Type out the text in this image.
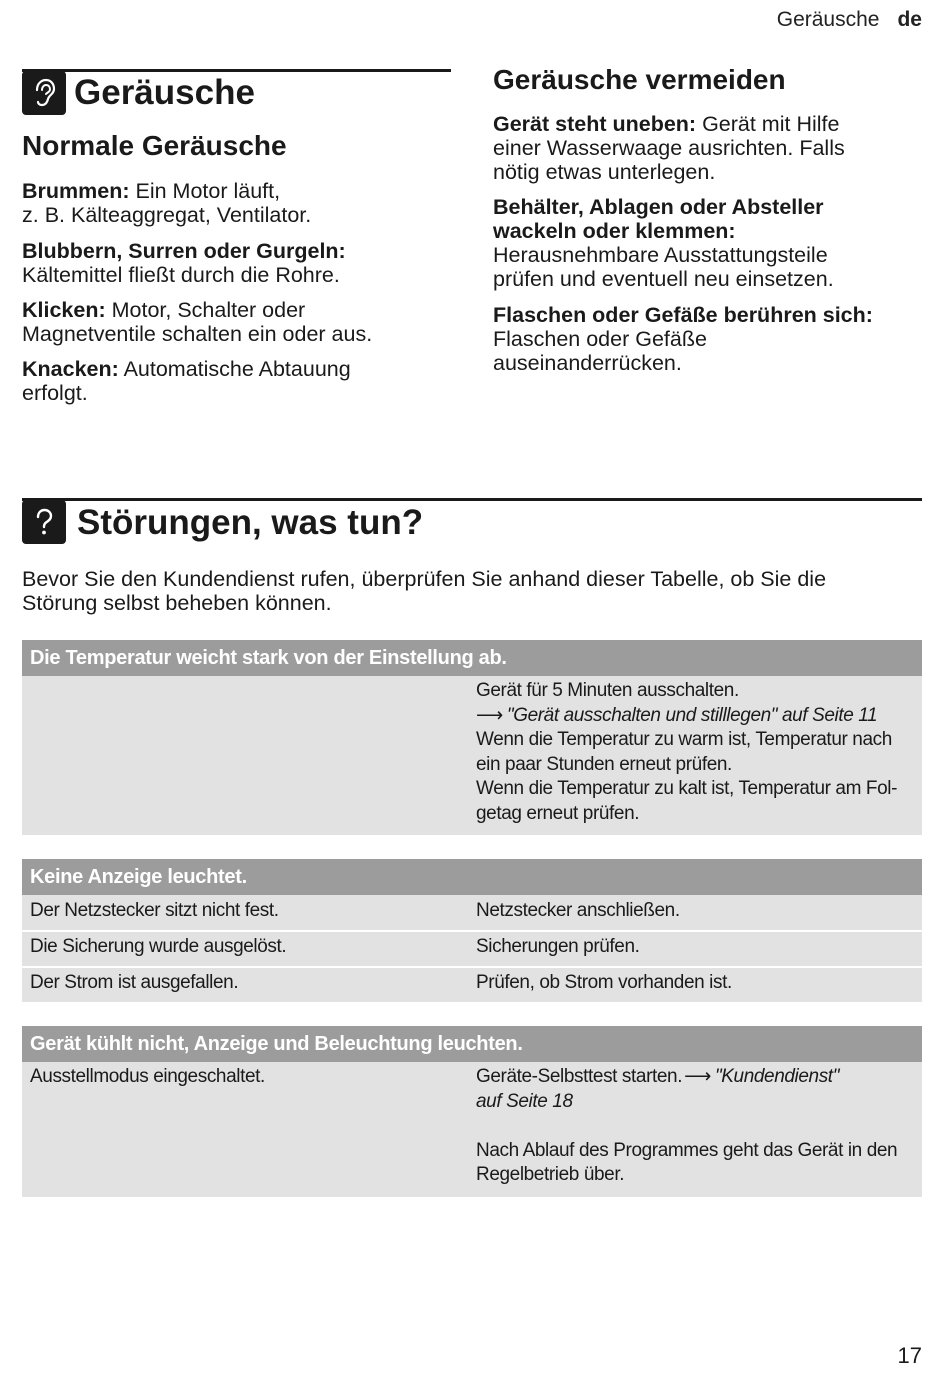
Geräusche de
Geräusche
Normale Geräusche
Brummen: Ein Motor läuft,
z. B. Kälteaggregat, Ventilator.
Blubbern, Surren oder Gurgeln:
Kältemittel fließt durch die Rohre.
Klicken: Motor, Schalter oder
Magnetventile schalten ein oder aus.
Knacken: Automatische Abtauung
erfolgt.
Geräusche vermeiden
Gerät steht uneben: Gerät mit Hilfe
einer Wasserwaage ausrichten. Falls
nötig etwas unterlegen.
Behälter, Ablagen oder Absteller
wackeln oder klemmen:
Herausnehmbare Ausstattungsteile
prüfen und eventuell neu einsetzen.
Flaschen oder Gefäße berühren sich:
Flaschen oder Gefäße
auseinanderrücken.
Störungen, was tun?
Bevor Sie den Kundendienst rufen, überprüfen Sie anhand dieser Tabelle, ob Sie die
Störung selbst beheben können.
Die Temperatur weicht stark von der Einstellung ab.
Gerät für 5 Minuten ausschalten.
⟶ "Gerät ausschalten und stilllegen" auf Seite 11
Wenn die Temperatur zu warm ist, Temperatur nach
ein paar Stunden erneut prüfen.
Wenn die Temperatur zu kalt ist, Temperatur am Fol-
getag erneut prüfen.
Keine Anzeige leuchtet.
Der Netzstecker sitzt nicht fest.	Netzstecker anschließen.
Die Sicherung wurde ausgelöst.	Sicherungen prüfen.
Der Strom ist ausgefallen.	Prüfen, ob Strom vorhanden ist.
Gerät kühlt nicht, Anzeige und Beleuchtung leuchten.
Ausstellmodus eingeschaltet.	Geräte-Selbsttest starten. ⟶ "Kundendienst"
auf Seite 18

Nach Ablauf des Programmes geht das Gerät in den
Regelbetrieb über.
17
